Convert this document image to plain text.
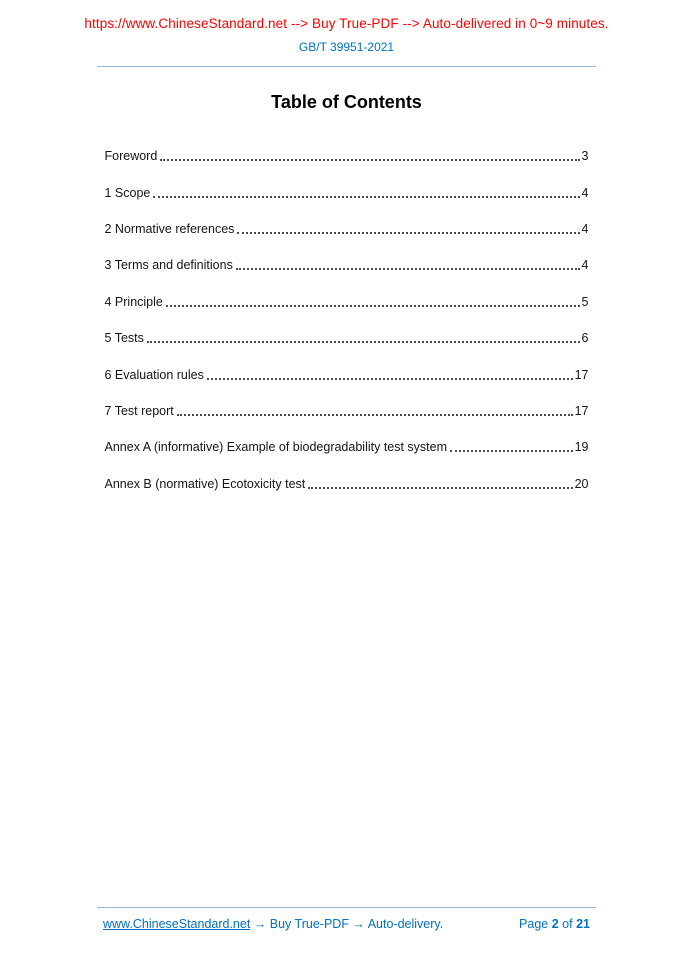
https://www.ChineseStandard.net --> Buy True-PDF --> Auto-delivered in 0~9 minutes.
GB/T 39951-2021
Table of Contents
Foreword	3
1 Scope	4
2 Normative references	4
3 Terms and definitions	4
4 Principle	5
5 Tests	6
6 Evaluation rules	17
7 Test report	17
Annex A (informative) Example of biodegradability test system	19
Annex B (normative) Ecotoxicity test	20
www.ChineseStandard.net → Buy True-PDF → Auto-delivery.	Page 2 of 21
